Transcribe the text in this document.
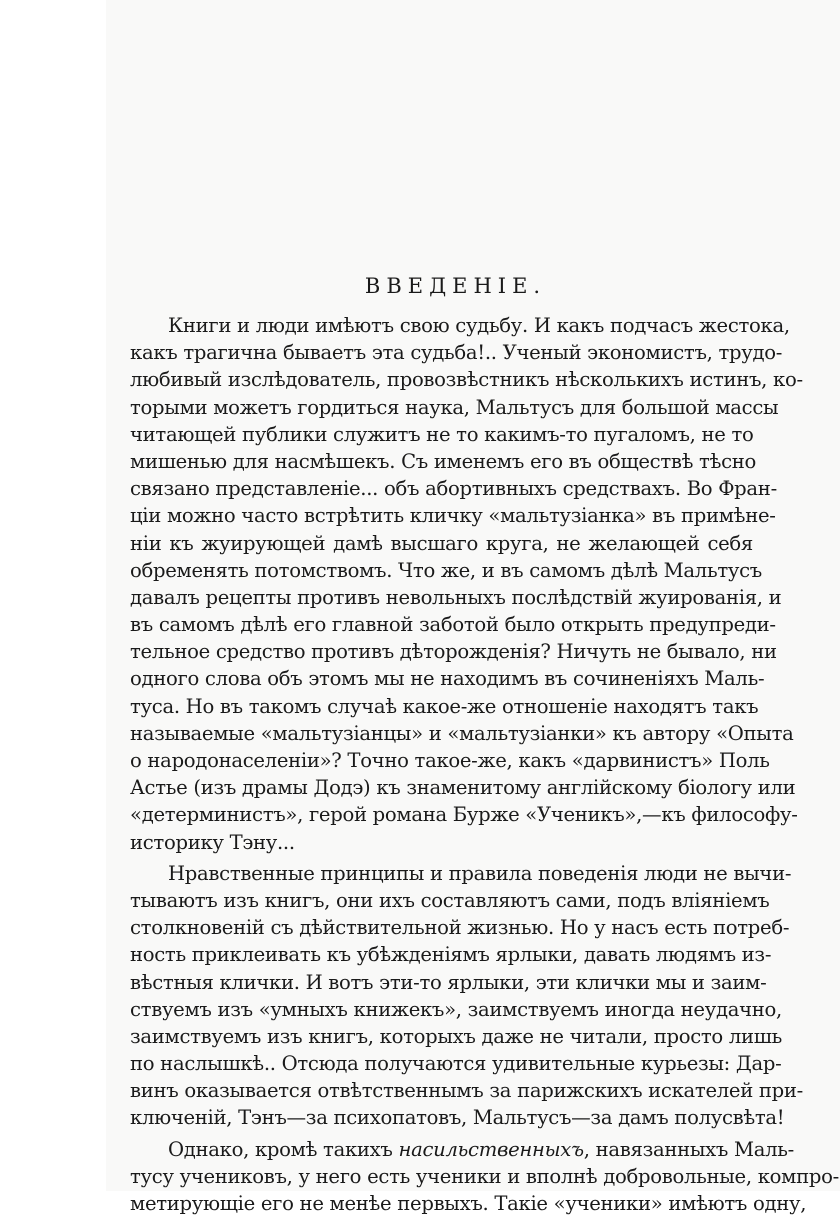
ВВЕДЕНІЕ.
Книги и люди имѣютъ свою судьбу. И какъ подчасъ жестока,
какъ трагична бываетъ эта судьба!.. Ученый экономистъ, трудо-
любивый изслѣдователь, провозвѣстникъ нѣсколькихъ истинъ, ко-
торыми можетъ гордиться наука, Мальтусъ для большой массы
читающей публики служитъ не то какимъ-то пугаломъ, не то
мишенью для насмѣшекъ. Съ именемъ его въ обществѣ тѣсно
связано представленіе... объ абортивныхъ средствахъ. Во Фран-
ціи можно часто встрѣтить кличку «мальтузіанка» въ примѣне-
ніи къ жуирующей дамѣ высшаго круга, не желающей себя
обременять потомствомъ. Что же, и въ самомъ дѣлѣ Мальтусъ
давалъ рецепты противъ невольныхъ послѣдствій жуированія, и
въ самомъ дѣлѣ его главной заботой было открыть предупреди-
тельное средство противъ дѣторожденія? Ничуть не бывало, ни
одного слова объ этомъ мы не находимъ въ сочиненіяхъ Маль-
туса. Но въ такомъ случаѣ какое-же отношеніе находятъ такъ
называемые «мальтузіанцы» и «мальтузіанки» къ автору «Опыта
о народонаселеніи»? Точно такое-же, какъ «дарвинистъ» Поль
Астье (изъ драмы Додэ) къ знаменитому англійскому біологу или
«детерминистъ», герой романа Бурже «Ученикъ»,—къ философу-
историку Тэну...
Нравственные принципы и правила поведенія люди не вычи-
тываютъ изъ книгъ, они ихъ составляютъ сами, подъ вліяніемъ
столкновеній съ дѣйствительной жизнью. Но у насъ есть потреб-
ность приклеивать къ убѣжденіямъ ярлыки, давать людямъ из-
вѣстныя клички. И вотъ эти-то ярлыки, эти клички мы и заим-
ствуемъ изъ «умныхъ книжекъ», заимствуемъ иногда неудачно,
заимствуемъ изъ книгъ, которыхъ даже не читали, просто лишь
по наслышкѣ.. Отсюда получаются удивительные курьезы: Дар-
винъ оказывается отвѣтственнымъ за парижскихъ искателей при-
ключеній, Тэнъ—за психопатовъ, Мальтусъ—за дамъ полусвѣта!
Однако, кромѣ такихъ насильственныхъ, навязанныхъ Маль-
тусу учениковъ, у него есть ученики и вполнѣ добровольные, компро-
метирующіе его не менѣе первыхъ. Такіе «ученики» имѣютъ одну,
